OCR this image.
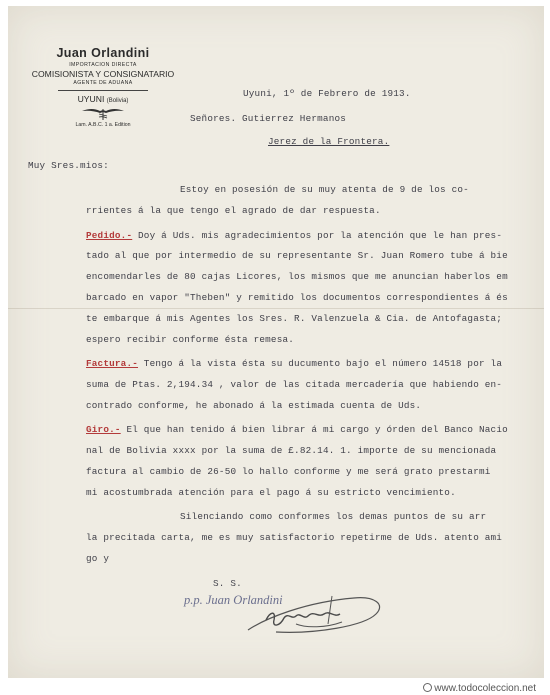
Juan Orlandini
IMPORTACION DIRECTA
COMISIONISTA Y CONSIGNATARIO
AGENTE DE ADUANA
UYUNI (Bolivia)
Lam. A.B.C. 1 a. Edition
Uyuni, 1º de Febrero de 1913.
Señores. Gutierrez Hermanos
Jerez de la Frontera.
Muy Sres.mios:
Estoy en posesión de su muy atenta de 9 de los co-
rrientes á la que tengo el agrado de dar respuesta.
Pedido.- Doy á Uds. mis agradecimientos por la atención que le han pres-
tado al que por intermedio de su representante Sr. Juan Romero tube á bie
encomendarles de 80 cajas Licores, los mismos que me anuncian haberlos em
barcado en vapor "Theben" y remitido los documentos correspondientes á és
te embarque á mis Agentes los Sres. R. Valenzuela & Cia. de Antofagasta;
espero recibir conforme ésta remesa.
Factura.- Tengo á la vista ésta su ducumento bajo el número 14518 por la
suma de Ptas. 2,194.34 , valor de las citada mercadería que habiendo en-
contrado conforme, he abonado á la estimada cuenta de Uds.
Giro.- El que han tenido á bien librar á mi cargo y órden del Banco Nacio
nal de Bolivia xxxx por la suma de £.82.14. 1. importe de su mencionada
factura al cambio de 26-50 lo hallo conforme y me será grato prestarmi
mi acostumbrada atención para el pago á su estricto vencimiento.
Silenciando como conformes los demas puntos de su arr
la precitada carta, me es muy satisfactorio repetirme de Uds. atento ami
go y
S. S.
p.p. Juan Orlandini
www.todocoleccion.net
